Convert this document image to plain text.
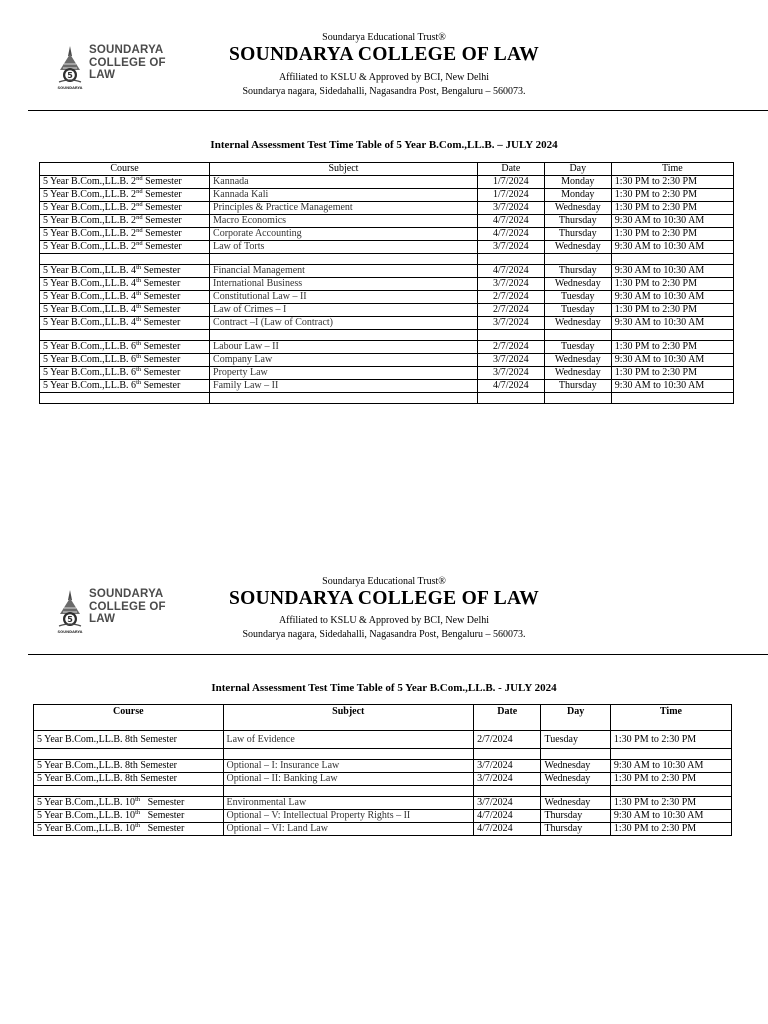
5
SOUNDARYA
SOUNDARYA
COLLEGE OF
LAW
Soundarya Educational Trust®
SOUNDARYA COLLEGE OF LAW
Affiliated to KSLU & Approved by BCI, New Delhi
Soundarya nagara, Sidedahalli, Nagasandra Post, Bengaluru – 560073.
Internal Assessment Test Time Table of 5 Year B.Com.,LL.B. – JULY 2024
Course	Subject	Date	Day	Time
5 Year B.Com.,LL.B. 2nd Semester	Kannada	1/7/2024	Monday	1:30 PM to 2:30 PM
5 Year B.Com.,LL.B. 2nd Semester	Kannada Kali	1/7/2024	Monday	1:30 PM to 2:30 PM
5 Year B.Com.,LL.B. 2nd Semester	Principles & Practice Management	3/7/2024	Wednesday	1:30 PM to 2:30 PM
5 Year B.Com.,LL.B. 2nd Semester	Macro Economics	4/7/2024	Thursday	9:30 AM to 10:30 AM
5 Year B.Com.,LL.B. 2nd Semester	Corporate Accounting	4/7/2024	Thursday	1:30 PM to 2:30 PM
5 Year B.Com.,LL.B. 2nd Semester	Law of Torts	3/7/2024	Wednesday	9:30 AM to 10:30 AM

5 Year B.Com.,LL.B. 4th Semester	Financial Management	4/7/2024	Thursday	9:30 AM to 10:30 AM
5 Year B.Com.,LL.B. 4th Semester	International Business	3/7/2024	Wednesday	1:30 PM to 2:30 PM
5 Year B.Com.,LL.B. 4th Semester	Constitutional Law – II	2/7/2024	Tuesday	9:30 AM to 10:30 AM
5 Year B.Com.,LL.B. 4th Semester	Law of Crimes – I	2/7/2024	Tuesday	1:30 PM to 2:30 PM
5 Year B.Com.,LL.B. 4th Semester	Contract –I (Law of Contract)	3/7/2024	Wednesday	9:30 AM to 10:30 AM

5 Year B.Com.,LL.B. 6th Semester	Labour Law – II	2/7/2024	Tuesday	1:30 PM to 2:30 PM
5 Year B.Com.,LL.B. 6th Semester	Company Law	3/7/2024	Wednesday	9:30 AM to 10:30 AM
5 Year B.Com.,LL.B. 6th Semester	Property Law	3/7/2024	Wednesday	1:30 PM to 2:30 PM
5 Year B.Com.,LL.B. 6th Semester	Family Law – II	4/7/2024	Thursday	9:30 AM to 10:30 AM

5
SOUNDARYA
SOUNDARYA
COLLEGE OF
LAW
Soundarya Educational Trust®
SOUNDARYA COLLEGE OF LAW
Affiliated to KSLU & Approved by BCI, New Delhi
Soundarya nagara, Sidedahalli, Nagasandra Post, Bengaluru – 560073.
Internal Assessment Test Time Table of 5 Year B.Com.,LL.B. - JULY 2024
Course	Subject	Date	Day	Time
5 Year B.Com.,LL.B. 8th Semester	Law of Evidence	2/7/2024	Tuesday	1:30 PM to 2:30 PM

5 Year B.Com.,LL.B. 8th Semester	Optional – I: Insurance Law	3/7/2024	Wednesday	9:30 AM to 10:30 AM
5 Year B.Com.,LL.B. 8th Semester	Optional – II: Banking Law	3/7/2024	Wednesday	1:30 PM to 2:30 PM

5 Year B.Com.,LL.B. 10th   Semester	Environmental Law	3/7/2024	Wednesday	1:30 PM to 2:30 PM
5 Year B.Com.,LL.B. 10th   Semester	Optional – V: Intellectual Property Rights – II	4/7/2024	Thursday	9:30 AM to 10:30 AM
5 Year B.Com.,LL.B. 10th   Semester	Optional – VI: Land Law	4/7/2024	Thursday	1:30 PM to 2:30 PM
